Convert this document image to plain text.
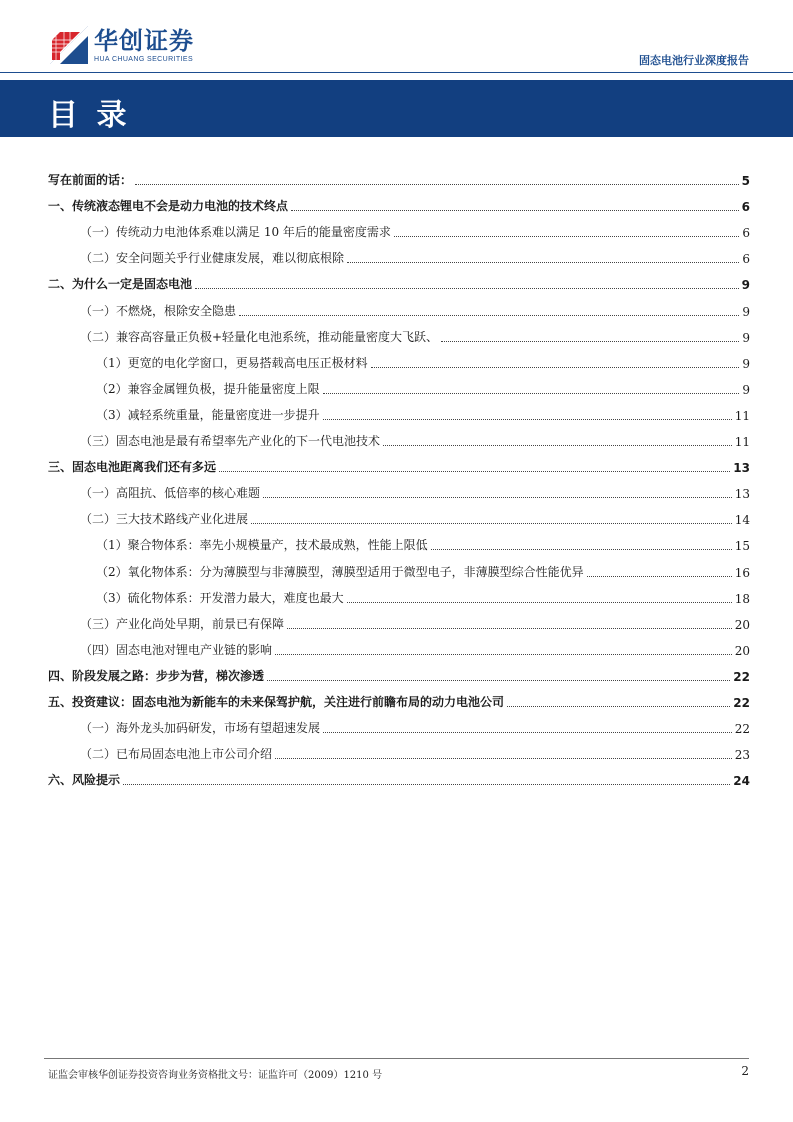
华创证券
HUA CHUANG SECURITIES	固态电池行业深度报告
目 录
写在前面的话：	5
一、传统液态锂电不会是动力电池的技术终点	6
（一）传统动力电池体系难以满足 10 年后的能量密度需求	6
（二）安全问题关乎行业健康发展，难以彻底根除	6
二、为什么一定是固态电池	9
（一）不燃烧，根除安全隐患	9
（二）兼容高容量正负极+轻量化电池系统，推动能量密度大飞跃、	9
（1）更宽的电化学窗口，更易搭载高电压正极材料	9
（2）兼容金属锂负极，提升能量密度上限	9
（3）减轻系统重量，能量密度进一步提升	11
（三）固态电池是最有希望率先产业化的下一代电池技术	11
三、固态电池距离我们还有多远	13
（一）高阻抗、低倍率的核心难题	13
（二）三大技术路线产业化进展	14
（1）聚合物体系：率先小规模量产，技术最成熟，性能上限低	15
（2）氧化物体系：分为薄膜型与非薄膜型，薄膜型适用于微型电子，非薄膜型综合性能优异	16
（3）硫化物体系：开发潜力最大，难度也最大	18
（三）产业化尚处早期，前景已有保障	20
（四）固态电池对锂电产业链的影响	20
四、阶段发展之路：步步为营，梯次渗透	22
五、投资建议：固态电池为新能车的未来保驾护航，关注进行前瞻布局的动力电池公司	22
（一）海外龙头加码研发，市场有望超速发展	22
（二）已布局固态电池上市公司介绍	23
六、风险提示	24
证监会审核华创证券投资咨询业务资格批文号：证监许可（2009）1210 号	2
